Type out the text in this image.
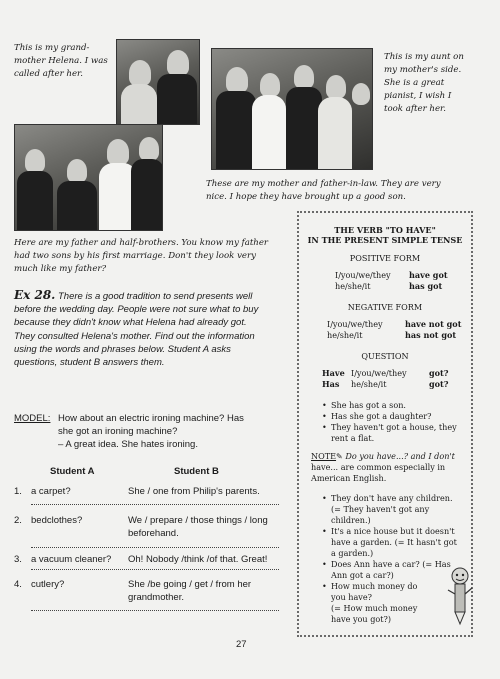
This is my grand-
mother Helena. I was
called after her.
This is my aunt on
my mother's side.
She is a great
pianist, I wish I
took after her.
These are my mother and father-in-law. They are very
nice. I hope they have brought up a good son.
Here are my father and half-brothers. You know my father
had two sons by his first marriage. Don't they look very
much like my father?
Ex 28. There is a good tradition to send presents well
before the wedding day. People were not sure what to buy
because they didn't know what Helena had already got.
They consulted Helena's mother. Find out the information
using the words and phrases below. Student A asks
questions, student B answers them.
MODEL: How about an electric ironing machine? Has
she got an ironing machine?
– A great idea. She hates ironing.
Student A	Student B
1. a carpet?	She / one from Philip's parents.
2. bedclothes?	We / prepare / those things / long
beforehand.
3. a vacuum cleaner? Oh! Nobody /think /of that. Great!
4. cutlery?	She /be going / get / from her
grandmother.
THE VERB "TO HAVE"
IN THE PRESENT SIMPLE TENSE
POSITIVE FORM
I/you/we/they have got
he/she/it	has got
NEGATIVE FORM
I/you/we/they	have not got
he/she/it	has not got
QUESTION
Have I/you/we/they	got?
Has he/she/it	got?
• She has got a son.
• Has she got a daughter?
• They haven't got a house, they
rent a flat.
NOTE✎ Do you have...? and I don't
have... are common especially in
American English.
• They don't have any children.
(= They haven't got any
children.)
• It's a nice house but it doesn't
have a garden. (= It hasn't got
a garden.)
• Does Ann have a car? (= Has
Ann got a car?)
• How much money do
you have?
(= How much money
have you got?)
27
